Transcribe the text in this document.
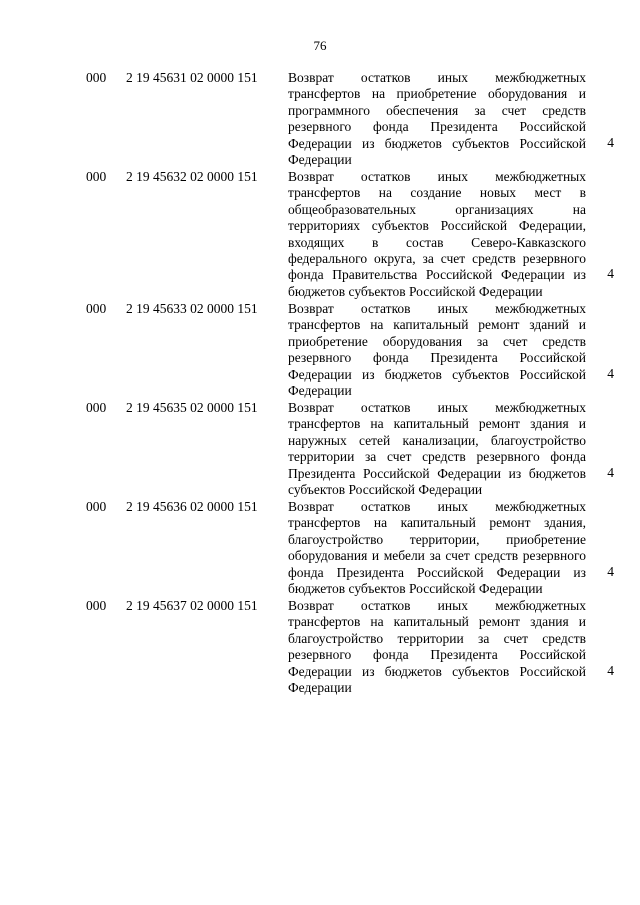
76
000 2 19 45631 02 0000 151 Возврат остатков иных межбюджетных трансфертов на приобретение оборудования и программного обеспечения за счет средств резервного фонда Президента Российской Федерации из бюджетов субъектов Российской Федерации
4
000 2 19 45632 02 0000 151 Возврат остатков иных межбюджетных трансфертов на создание новых мест в общеобразовательных организациях на территориях субъектов Российской Федерации, входящих в состав Северо-Кавказского федерального округа, за счет средств резервного фонда Правительства Российской Федерации из бюджетов субъектов Российской Федерации
4
000 2 19 45633 02 0000 151 Возврат остатков иных межбюджетных трансфертов на капитальный ремонт зданий и приобретение оборудования за счет средств резервного фонда Президента Российской Федерации из бюджетов субъектов Российской Федерации
4
000 2 19 45635 02 0000 151 Возврат остатков иных межбюджетных трансфертов на капитальный ремонт здания и наружных сетей канализации, благоустройство территории за счет средств резервного фонда Президента Российской Федерации из бюджетов субъектов Российской Федерации
4
000 2 19 45636 02 0000 151 Возврат остатков иных межбюджетных трансфертов на капитальный ремонт здания, благоустройство территории, приобретение оборудования и мебели за счет средств резервного фонда Президента Российской Федерации из бюджетов субъектов Российской Федерации
4
000 2 19 45637 02 0000 151 Возврат остатков иных межбюджетных трансфертов на капитальный ремонт здания и благоустройство территории за счет средств резервного фонда Президента Российской Федерации из бюджетов субъектов Российской Федерации
4
